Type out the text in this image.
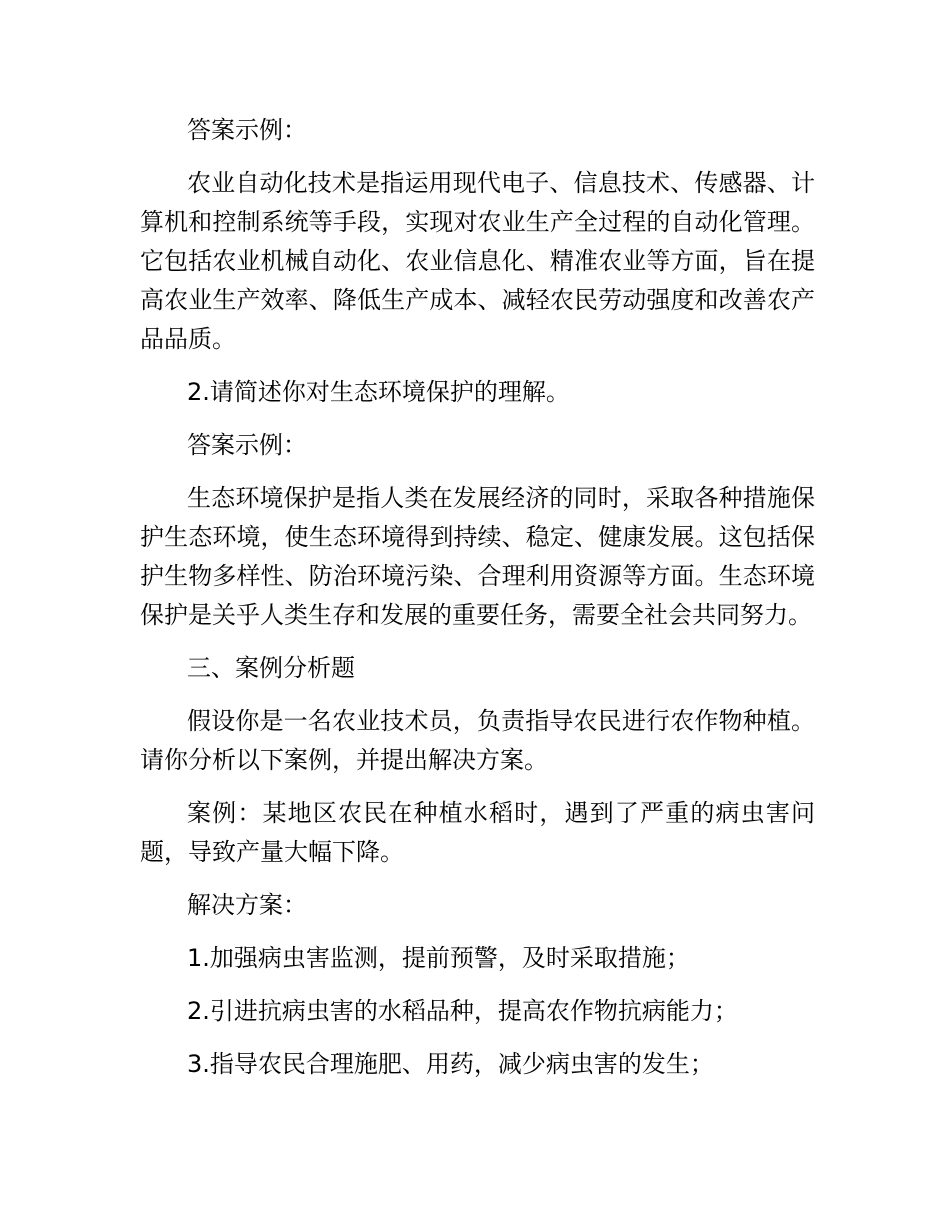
答案示例：

农业自动化技术是指运用现代电子、信息技术、传感器、计算机和控制系统等手段，实现对农业生产全过程的自动化管理。它包括农业机械自动化、农业信息化、精准农业等方面，旨在提高农业生产效率、降低生产成本、减轻农民劳动强度和改善农产品品质。

2.请简述你对生态环境保护的理解。

答案示例：

生态环境保护是指人类在发展经济的同时，采取各种措施保护生态环境，使生态环境得到持续、稳定、健康发展。这包括保护生物多样性、防治环境污染、合理利用资源等方面。生态环境保护是关乎人类生存和发展的重要任务，需要全社会共同努力。

三、案例分析题

假设你是一名农业技术员，负责指导农民进行农作物种植。请你分析以下案例，并提出解决方案。

案例：某地区农民在种植水稻时，遇到了严重的病虫害问题，导致产量大幅下降。

解决方案：

1.加强病虫害监测，提前预警，及时采取措施；

2.引进抗病虫害的水稻品种，提高农作物抗病能力；

3.指导农民合理施肥、用药，减少病虫害的发生；
